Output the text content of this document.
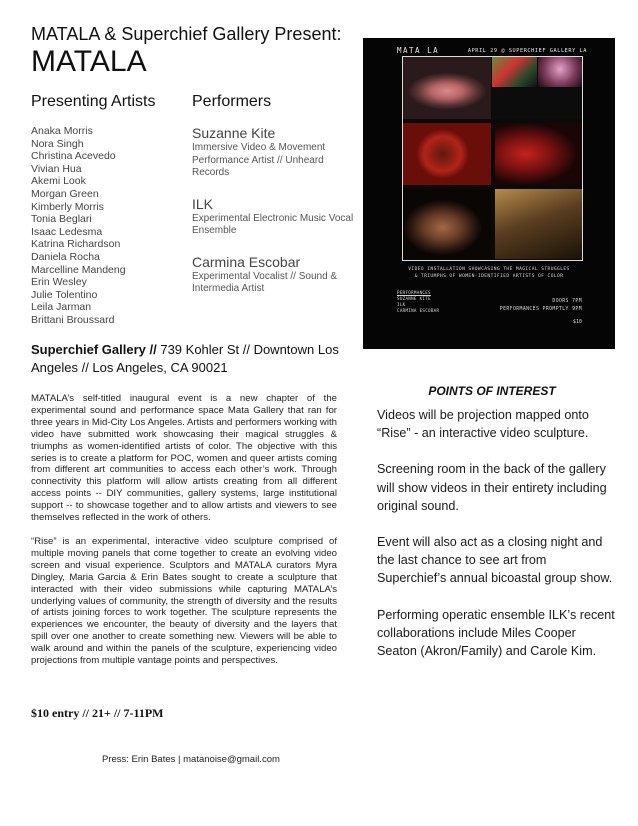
MATALA & Superchief Gallery Present:
MATALA
Presenting Artists Performers
Anaka Morris
Nora Singh
Christina Acevedo
Vivian Hua
Akemi Look
Morgan Green
Kimberly Morris
Tonia Beglari
Isaac Ledesma
Katrina Richardson
Daniela Rocha
Marcelline Mandeng
Erin Wesley
Julie Tolentino
Leila Jarman
Brittani Broussard
Suzanne Kite
Immersive Video & Movement Performance Artist // Unheard Records
ILK
Experimental Electronic Music Vocal Ensemble
Carmina Escobar
Experimental Vocalist // Sound & Intermedia Artist
Superchief Gallery // 739 Kohler St // Downtown Los Angeles // Los Angeles, CA 90021

MATALA’s self-titled inaugural event is a new chapter of the experimental sound and performance space Mata Gallery that ran for three years in Mid-City Los Angeles. Artists and performers working with video have submitted work showcasing their magical struggles & triumphs as women-identified artists of color. The objective with this series is to create a platform for POC, women and queer artists coming from different art communities to access each other’s work. Through connectivity this platform will allow artists creating from all different access points -- DIY communities, gallery systems, large institutional support -- to showcase together and to allow artists and viewers to see themselves reflected in the work of others.

“Rise” is an experimental, interactive video sculpture comprised of multiple moving panels that come together to create an evolving video screen and visual experience. Sculptors and MATALA curators Myra Dingley, Maria Garcia & Erin Bates sought to create a sculpture that interacted with their video submissions while capturing MATALA’s underlying values of community, the strength of diversity and the results of artists joining forces to work together. The sculpture represents the experiences we encounter, the beauty of diversity and the layers that spill over one another to create something new. Viewers will be able to walk around and within the panels of the sculpture, experiencing video projections from multiple vantage points and perspectives.

$10 entry // 21+ // 7-11PM
Press: Erin Bates | matanoise@gmail.com
POINTS OF INTEREST

Videos will be projection mapped onto “Rise” - an interactive video sculpture.

Screening room in the back of the gallery will show videos in their entirety including original sound.

Event will also act as a closing night and the last chance to see art from Superchief’s annual bicoastal group show.

Performing operatic ensemble ILK’s recent collaborations include Miles Cooper Seaton (Akron/Family) and Carole Kim.

MATA LA	APRIL 29 @ SUPERCHIEF GALLERY LA
VIDEO INSTALLATION SHOWCASING THE MAGICAL STRUGGLES
& TRIUMPHS OF WOMEN-IDENTIFIED ARTISTS OF COLOR
PERFORMANCES
SUZANNE KITE
ILK
CARMINA ESCOBAR
DOORS 7PM
PERFORMANCES PROMPTLY 9PM
$10
